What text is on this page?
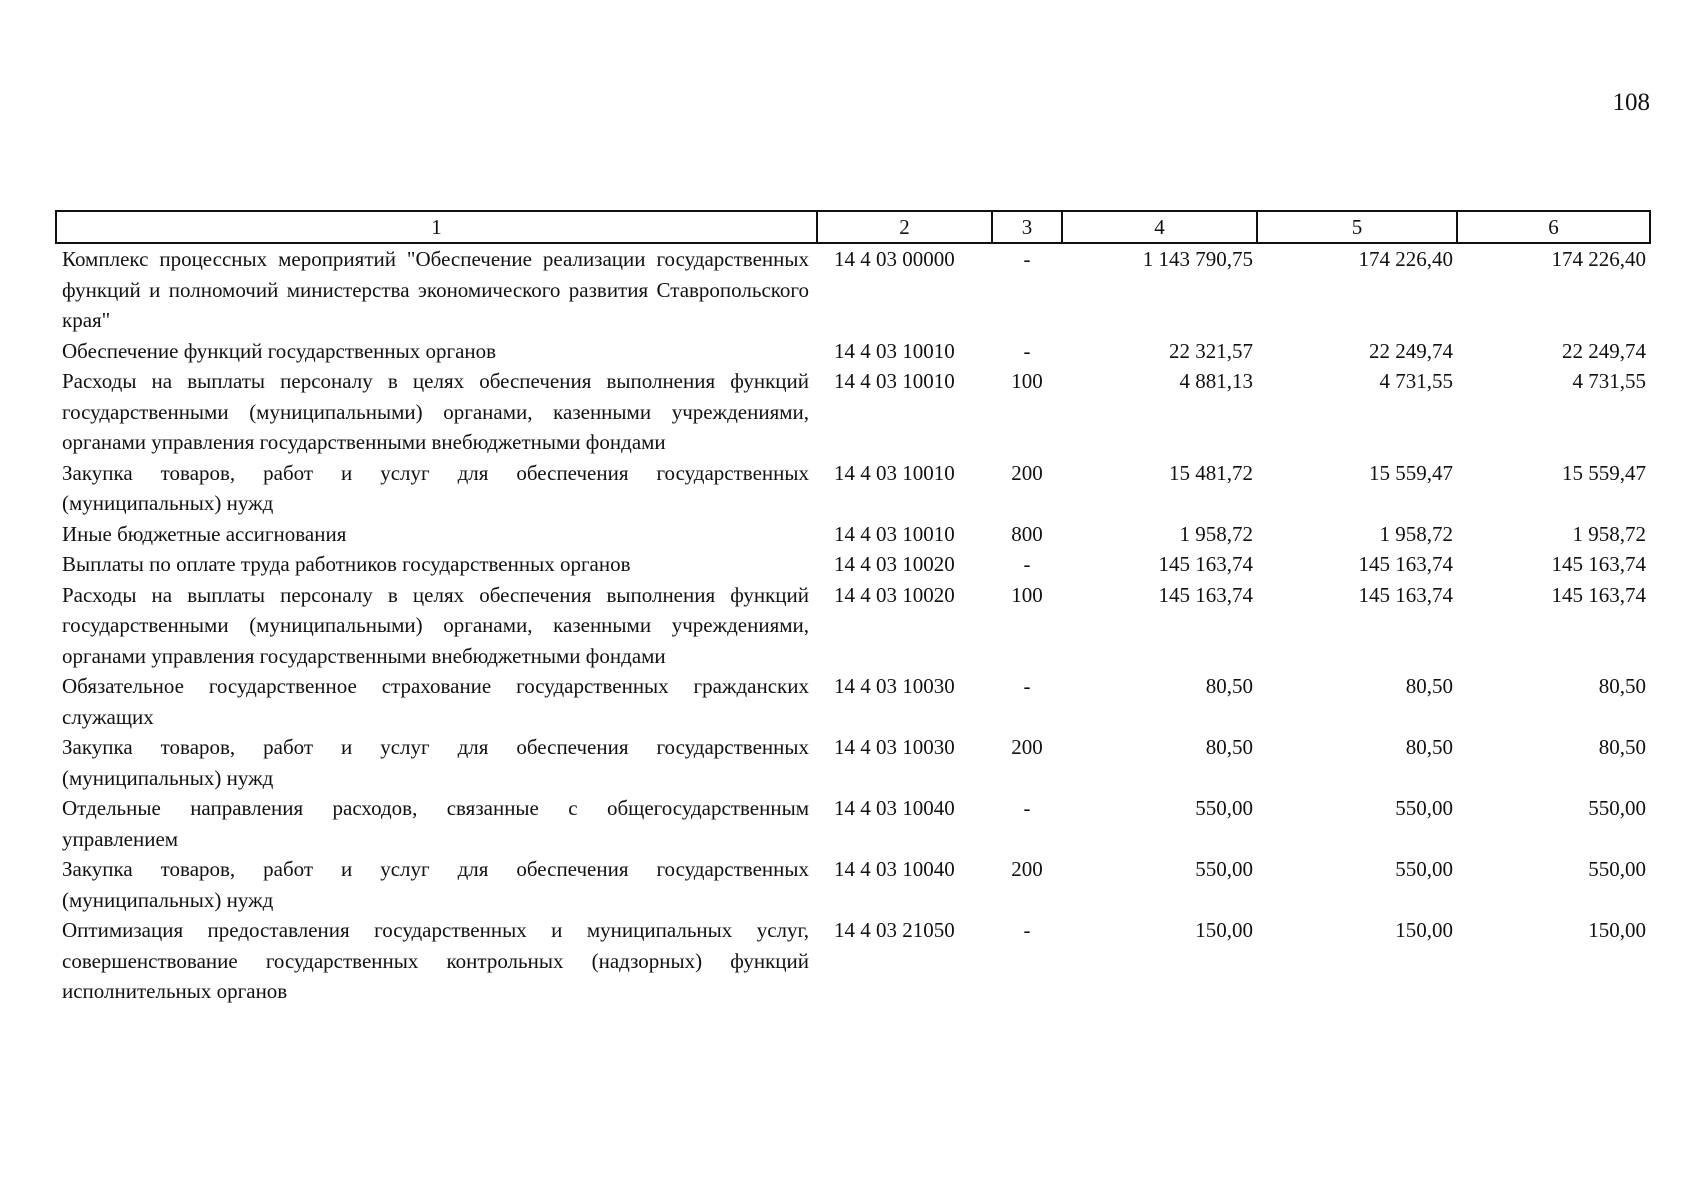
108
1	2	3	4	5	6
Комплекс процессных мероприятий "Обеспечение реализации государственных функций и полномочий министерства экономического развития Ставропольского края"	14 4 03 00000	-	1 143 790,75	174 226,40	174 226,40
Обеспечение функций государственных органов	14 4 03 10010	-	22 321,57	22 249,74	22 249,74
Расходы на выплаты персоналу в целях обеспечения выполнения функций государственными (муниципальными) органами, казенными учреждениями, органами управления государственными внебюджетными фондами	14 4 03 10010	100	4 881,13	4 731,55	4 731,55
Закупка товаров, работ и услуг для обеспечения государственных (муниципальных) нужд	14 4 03 10010	200	15 481,72	15 559,47	15 559,47
Иные бюджетные ассигнования	14 4 03 10010	800	1 958,72	1 958,72	1 958,72
Выплаты по оплате труда работников государственных органов	14 4 03 10020	-	145 163,74	145 163,74	145 163,74
Расходы на выплаты персоналу в целях обеспечения выполнения функций государственными (муниципальными) органами, казенными учреждениями, органами управления государственными внебюджетными фондами	14 4 03 10020	100	145 163,74	145 163,74	145 163,74
Обязательное государственное страхование государственных гражданских служащих	14 4 03 10030	-	80,50	80,50	80,50
Закупка товаров, работ и услуг для обеспечения государственных (муниципальных) нужд	14 4 03 10030	200	80,50	80,50	80,50
Отдельные направления расходов, связанные с общегосударственным управлением	14 4 03 10040	-	550,00	550,00	550,00
Закупка товаров, работ и услуг для обеспечения государственных (муниципальных) нужд	14 4 03 10040	200	550,00	550,00	550,00
Оптимизация предоставления государственных и муниципальных услуг, совершенствование государственных контрольных (надзорных) функций исполнительных органов	14 4 03 21050	-	150,00	150,00	150,00
